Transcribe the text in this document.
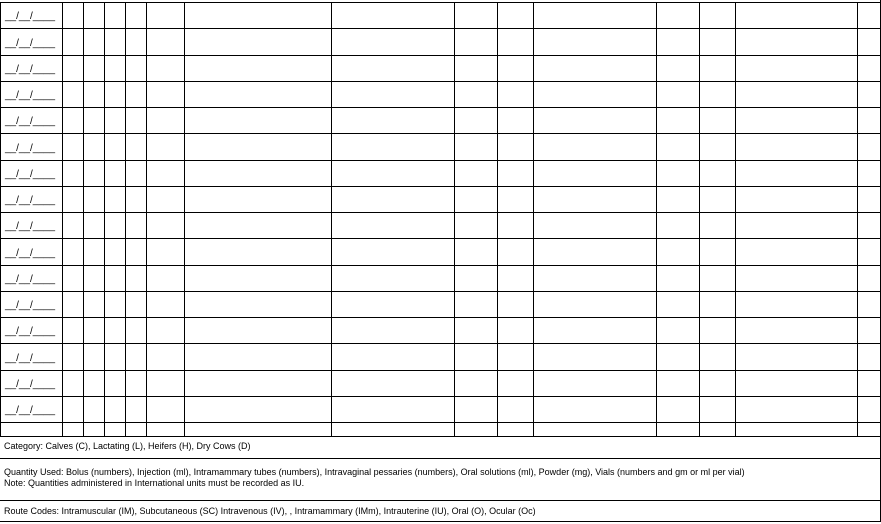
__/__/____
__/__/____
__/__/____
__/__/____
__/__/____
__/__/____
__/__/____
__/__/____
__/__/____
__/__/____
__/__/____
__/__/____
__/__/____
__/__/____
__/__/____
__/__/____
Category: Calves (C), Lactating (L), Heifers (H), Dry Cows (D)
Quantity Used: Bolus (numbers), Injection (ml), Intramammary tubes (numbers), Intravaginal pessaries (numbers), Oral solutions (ml), Powder (mg), Vials (numbers and gm or ml per vial)
Note: Quantities administered in International units must be recorded as IU.
Route Codes: Intramuscular (IM), Subcutaneous (SC) Intravenous (IV), , Intramammary (IMm), Intrauterine (IU), Oral (O), Ocular (Oc)
